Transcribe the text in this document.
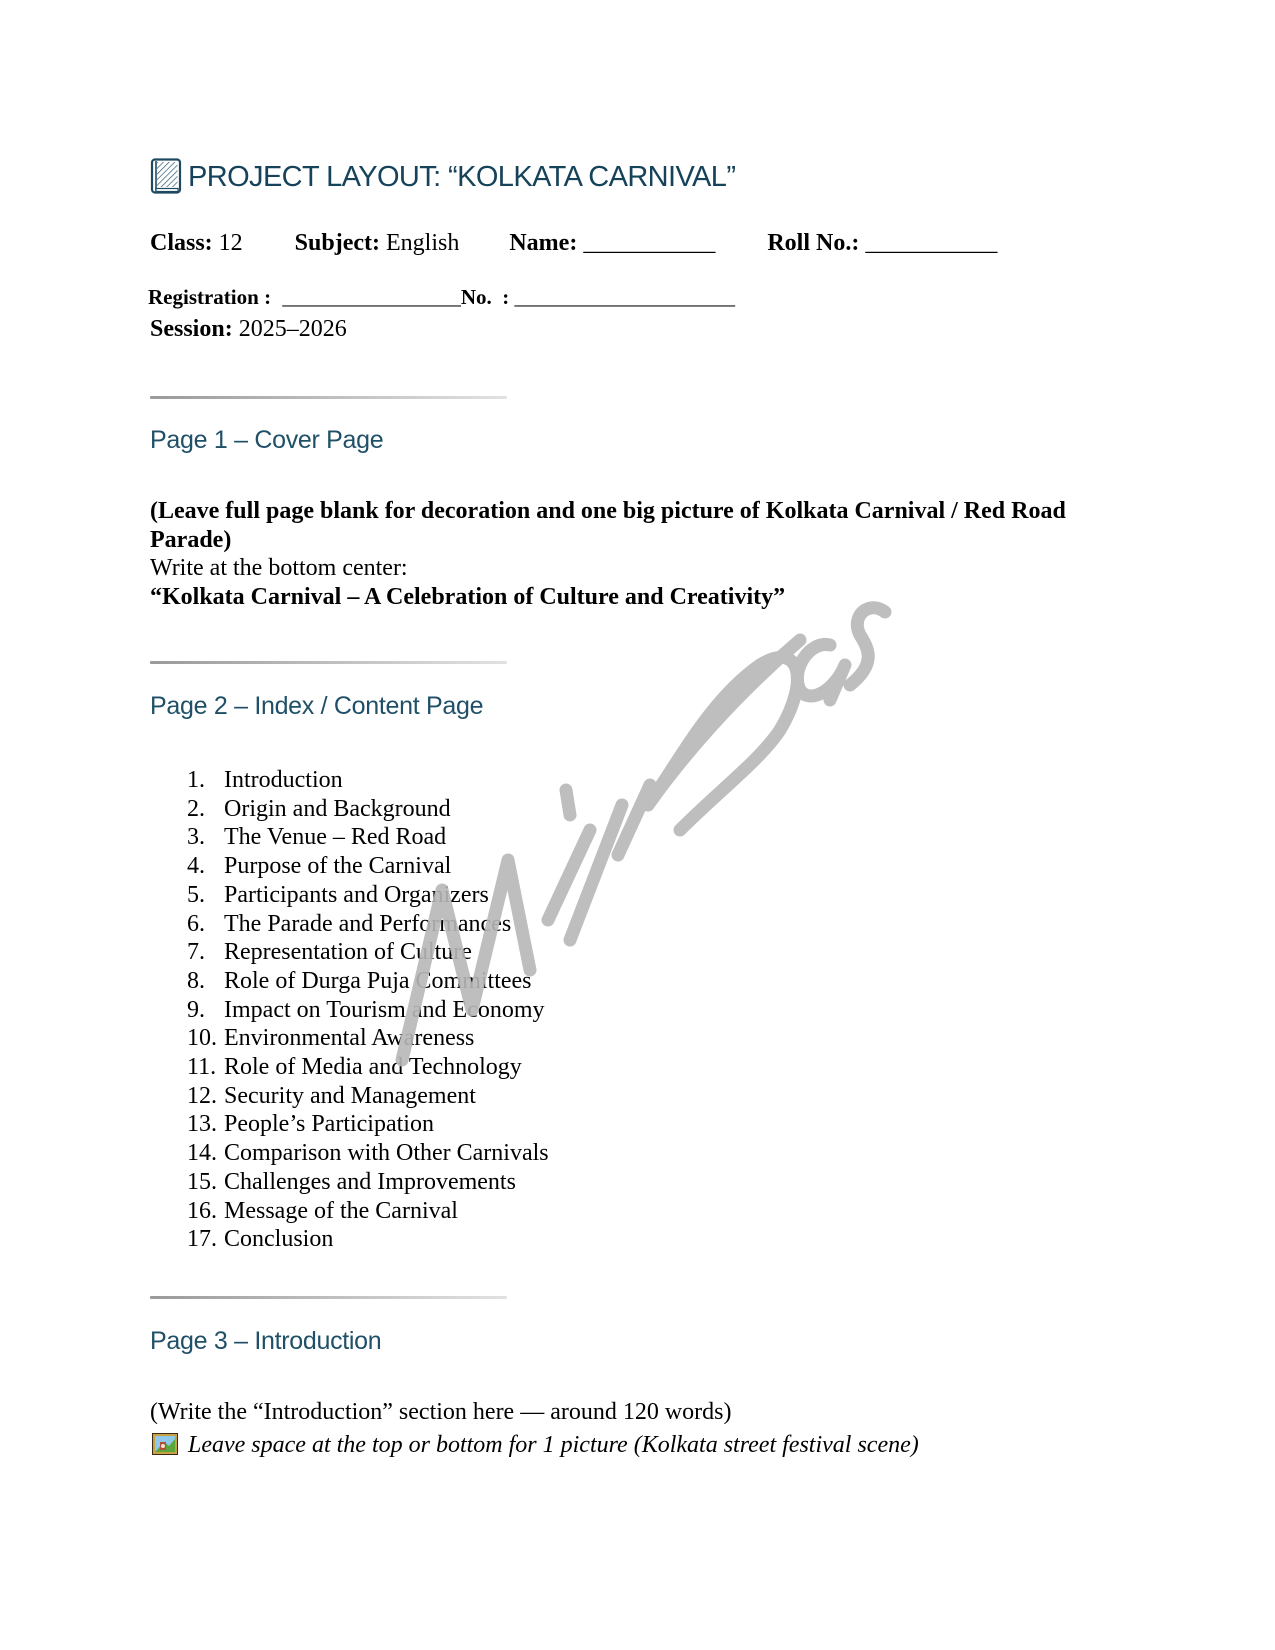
PROJECT LAYOUT: “KOLKATA CARNIVAL”
Class: 12 Subject: English Name: ___________ Roll No.: ___________
Registration : _________________No.  : _____________________
Session: 2025–2026
Page 1 – Cover Page
(Leave full page blank for decoration and one big picture of Kolkata Carnival / Red Road Parade)
Write at the bottom center:
“Kolkata Carnival – A Celebration of Culture and Creativity”
Page 2 – Index / Content Page
1. Introduction
2. Origin and Background
3. The Venue – Red Road
4. Purpose of the Carnival
5. Participants and Organizers
6. The Parade and Performances
7. Representation of Culture
8. Role of Durga Puja Committees
9. Impact on Tourism and Economy
10. Environmental Awareness
11. Role of Media and Technology
12. Security and Management
13. People’s Participation
14. Comparison with Other Carnivals
15. Challenges and Improvements
16. Message of the Carnival
17. Conclusion
Page 3 – Introduction
(Write the “Introduction” section here — around 120 words)
Leave space at the top or bottom for 1 picture (Kolkata street festival scene)
